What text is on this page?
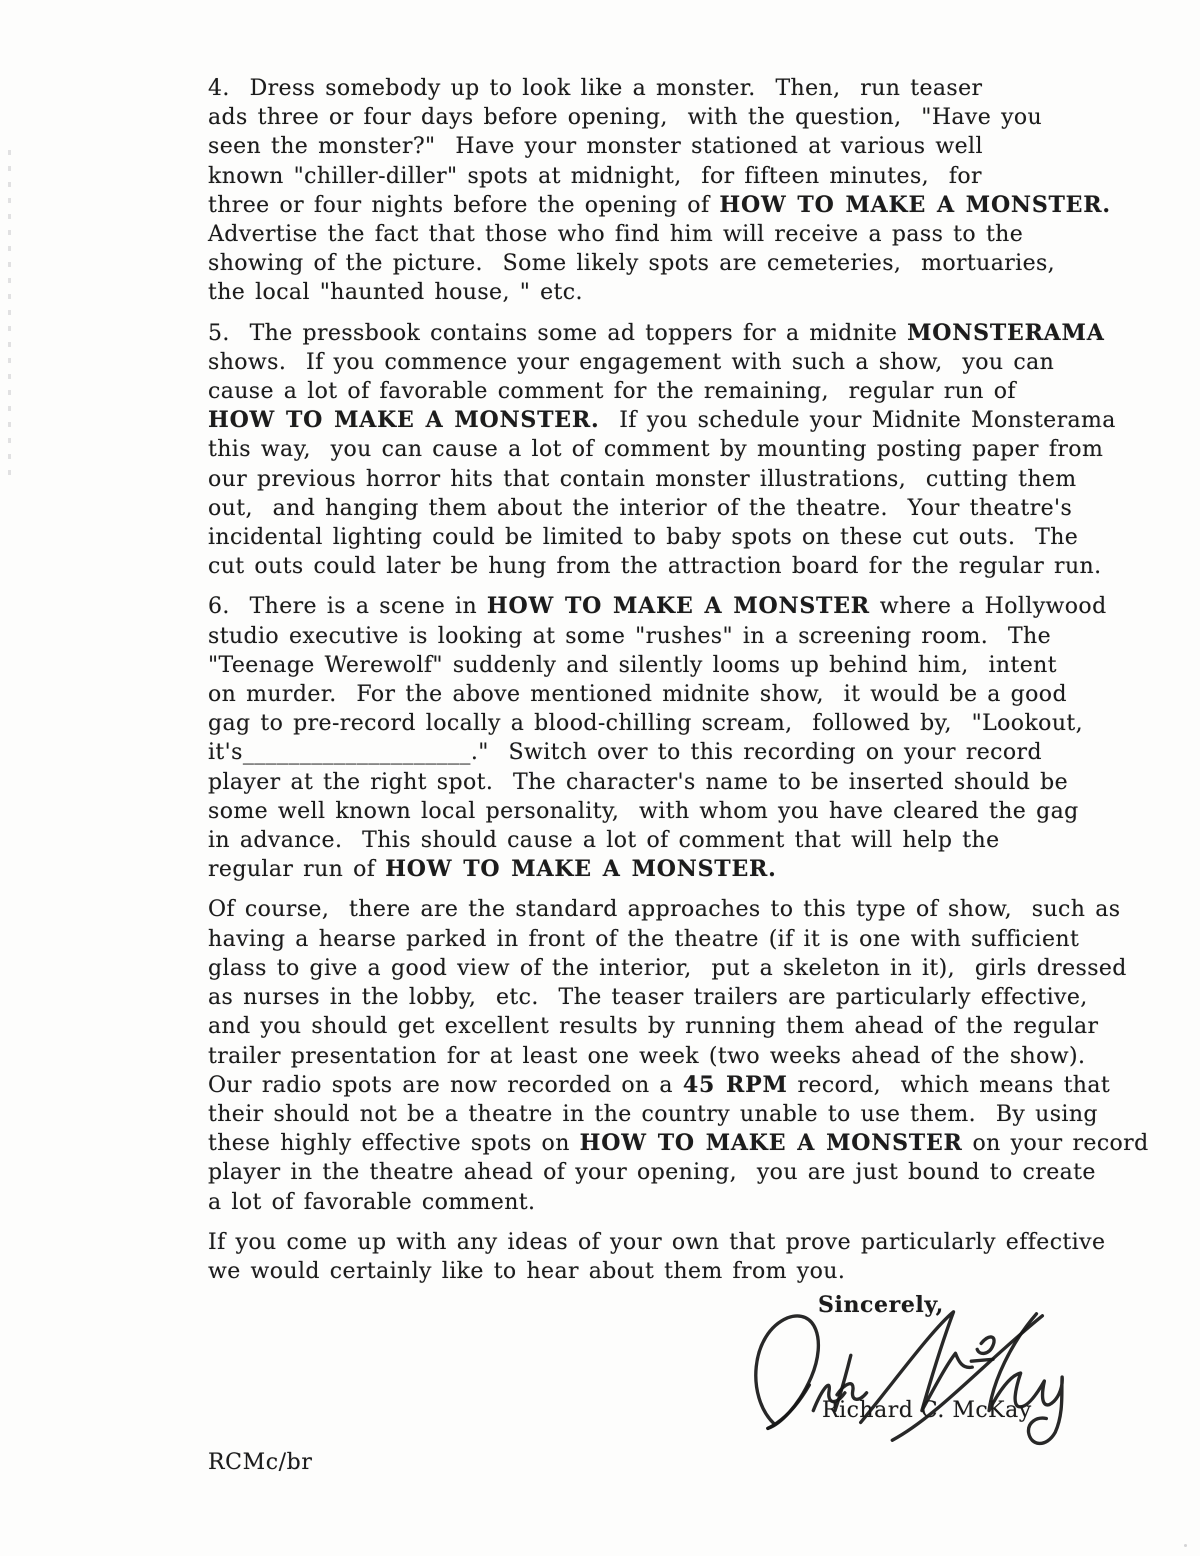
4.  Dress somebody up to look like a monster.  Then,  run teaser
ads three or four days before opening,  with the question,  "Have you
seen the monster?"  Have your monster stationed at various well
known "chiller-diller" spots at midnight,  for fifteen minutes,  for
three or four nights before the opening of HOW TO MAKE A MONSTER.
Advertise the fact that those who find him will receive a pass to the
showing of the picture.  Some likely spots are cemeteries,  mortuaries,
the local "haunted house, " etc.
5.  The pressbook contains some ad toppers for a midnite MONSTERAMA
shows.  If you commence your engagement with such a show,  you can
cause a lot of favorable comment for the remaining,  regular run of
HOW TO MAKE A MONSTER.  If you schedule your Midnite Monsterama
this way,  you can cause a lot of comment by mounting posting paper from
our previous horror hits that contain monster illustrations,  cutting them
out,  and hanging them about the interior of the theatre.  Your theatre's
incidental lighting could be limited to baby spots on these cut outs.  The
cut outs could later be hung from the attraction board for the regular run.
6.  There is a scene in HOW TO MAKE A MONSTER where a Hollywood
studio executive is looking at some "rushes" in a screening room.  The
"Teenage Werewolf" suddenly and silently looms up behind him,  intent
on murder.  For the above mentioned midnite show,  it would be a good
gag to pre-record locally a blood-chilling scream,  followed by,  "Lookout,
it's____________________."  Switch over to this recording on your record
player at the right spot.  The character's name to be inserted should be
some well known local personality,  with whom you have cleared the gag
in advance.  This should cause a lot of comment that will help the
regular run of HOW TO MAKE A MONSTER.
Of course,  there are the standard approaches to this type of show,  such as
having a hearse parked in front of the theatre (if it is one with sufficient
glass to give a good view of the interior,  put a skeleton in it),  girls dressed
as nurses in the lobby,  etc.  The teaser trailers are particularly effective,
and you should get excellent results by running them ahead of the regular
trailer presentation for at least one week (two weeks ahead of the show).
Our radio spots are now recorded on a 45 RPM record,  which means that
their should not be a theatre in the country unable to use them.  By using
these highly effective spots on HOW TO MAKE A MONSTER on your record
player in the theatre ahead of your opening,  you are just bound to create
a lot of favorable comment.
If you come up with any ideas of your own that prove particularly effective
we would certainly like to hear about them from you.
Sincerely,
Richard C. McKay
RCMc/br
